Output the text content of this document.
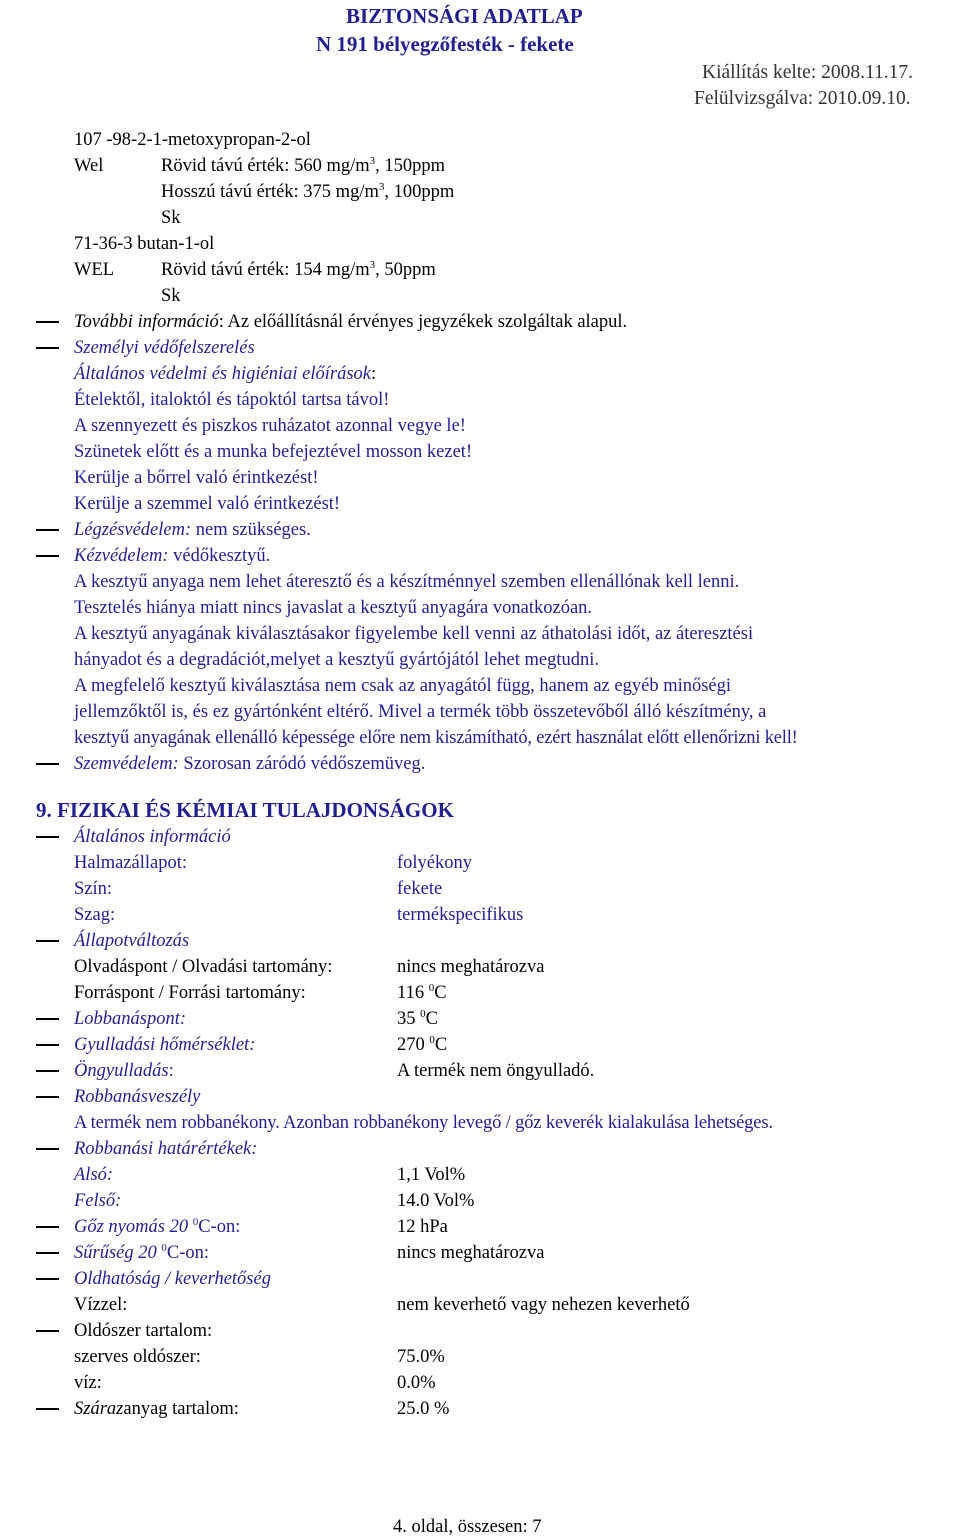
BIZTONSÁGI ADATLAP
N 191 bélyegzőfesték - fekete
Kiállítás kelte: 2008.11.17.
Felülvizsgálva: 2010.09.10.
107 -98-2-1-metoxypropan-2-ol
Wel	Rövid távú érték: 560 $mg/m^3$, 150ppm
Hosszú távú érték: 375 $mg/m^3$, 100ppm
Sk
71-36-3 butan-1-ol
WEL	Rövid távú érték: 154 $mg/m^3$, 50ppm
Sk
További információ: Az előállításnál érvényes jegyzékek szolgáltak alapul.
Személyi védőfelszerelés
Általános védelmi és higiéniai előírások:
Ételektől, italoktól és tápoktól tartsa távol!
A szennyezett és piszkos ruházatot azonnal vegye le!
Szünetek előtt és a munka befejeztével mosson kezet!
Kerülje a bőrrel való érintkezést!
Kerülje a szemmel való érintkezést!
Légzésvédelem: nem szükséges.
Kézvédelem: védőkesztyű.
A kesztyű anyaga nem lehet áteresztő és a készítménnyel szemben ellenállónak kell lenni.
Tesztelés hiánya miatt nincs javaslat a kesztyű anyagára vonatkozóan.
A kesztyű anyagának kiválasztásakor figyelembe kell venni az áthatolási időt, az áteresztési
hányadot és a degradációt,melyet a kesztyű gyártójától lehet megtudni.
A megfelelő kesztyű kiválasztása nem csak az anyagától függ, hanem az egyéb minőségi
jellemzőktől is, és ez gyártónként eltérő. Mivel a termék több összetevőből álló készítmény, a
kesztyű anyagának ellenálló képessége előre nem kiszámítható, ezért használat előtt ellenőrizni kell!
Szemvédelem: Szorosan záródó védőszemüveg.
9. FIZIKAI ÉS KÉMIAI TULAJDONSÁGOK
Általános információ
Halmazállapot:	folyékony
Szín:	fekete
Szag:	termékspecifikus
Állapotváltozás
Olvadáspont / Olvadási tartomány:	nincs meghatározva
Forráspont / Forrási tartomány:	116 $^0$C
Lobbanáspont:	35 $^0$C
Gyulladási hőmérséklet:	270 $^0$C
Öngyulladás:	A termék nem öngyulladó.
Robbanásveszély
A termék nem robbanékony. Azonban robbanékony levegő / gőz keverék kialakulása lehetséges.
Robbanási határértékek:
Alsó:	1,1 Vol%
Felső:	14.0 Vol%
Gőz nyomás 20 $^0$C-on:	12 hPa
Sűrűség 20 $^0$C-on:	nincs meghatározva
Oldhatóság / keverhetőség
Vízzel:	nem keverhető vagy nehezen keverhető
Oldószer tartalom:
szerves oldószer:	75.0%
víz:	0.0%
Szárazanyag tartalom:	25.0 %
4. oldal, összesen: 7
